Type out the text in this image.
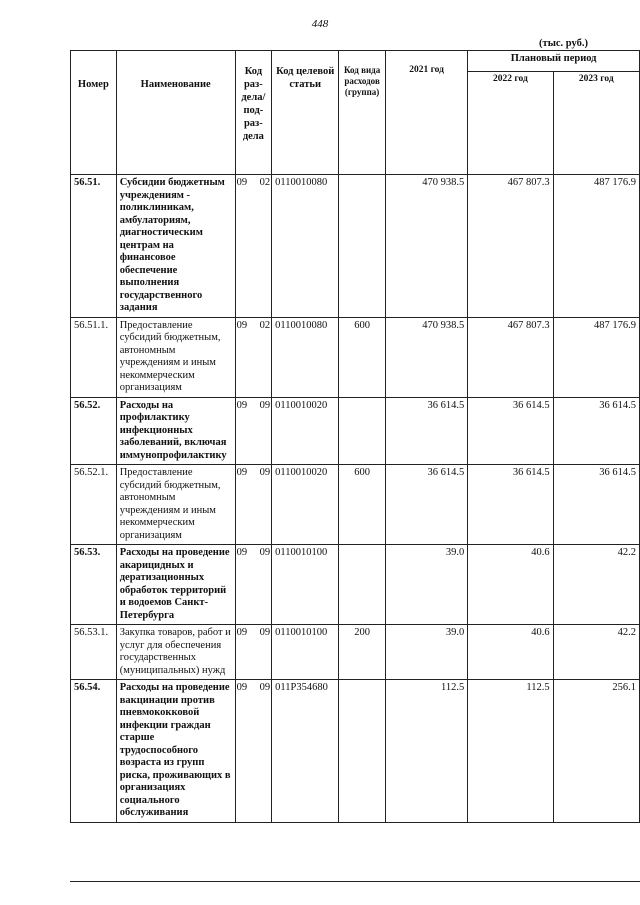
448
(тыс. руб.)
Номер	Наименование	Код раз- дела/ под- раз- дела	Код целевой статьи	Код вида расходов (группа)	2021 год	Плановый период	
						2022 год	2023 год
56.51.	Субсидии бюджетным учреждениям - поликлиникам, амбулаториям, диагностическим центрам на финансовое обеспечение выполнения государственного задания	09 02	0110010080		470 938.5	467 807.3	487 176.9
56.51.1.	Предоставление субсидий бюджетным, автономным учреждениям и иным некоммерческим организациям	09 02	0110010080	600	470 938.5	467 807.3	487 176.9
56.52.	Расходы на профилактику инфекционных заболеваний, включая иммунопрофилактику	09 09	0110010020		36 614.5	36 614.5	36 614.5
56.52.1.	Предоставление субсидий бюджетным, автономным учреждениям и иным некоммерческим организациям	09 09	0110010020	600	36 614.5	36 614.5	36 614.5
56.53.	Расходы на проведение акарицидных и дератизационных обработок территорий и водоемов Санкт-Петербурга	09 09	0110010100		39.0	40.6	42.2
56.53.1.	Закупка товаров, работ и услуг для обеспечения государственных (муниципальных) нужд	09 09	0110010100	200	39.0	40.6	42.2
56.54.	Расходы на проведение вакцинации против пневмококковой инфекции граждан старше трудоспособного возраста из групп риска, проживающих в организациях социального обслуживания	09 09	011P354680		112.5	112.5	256.1
